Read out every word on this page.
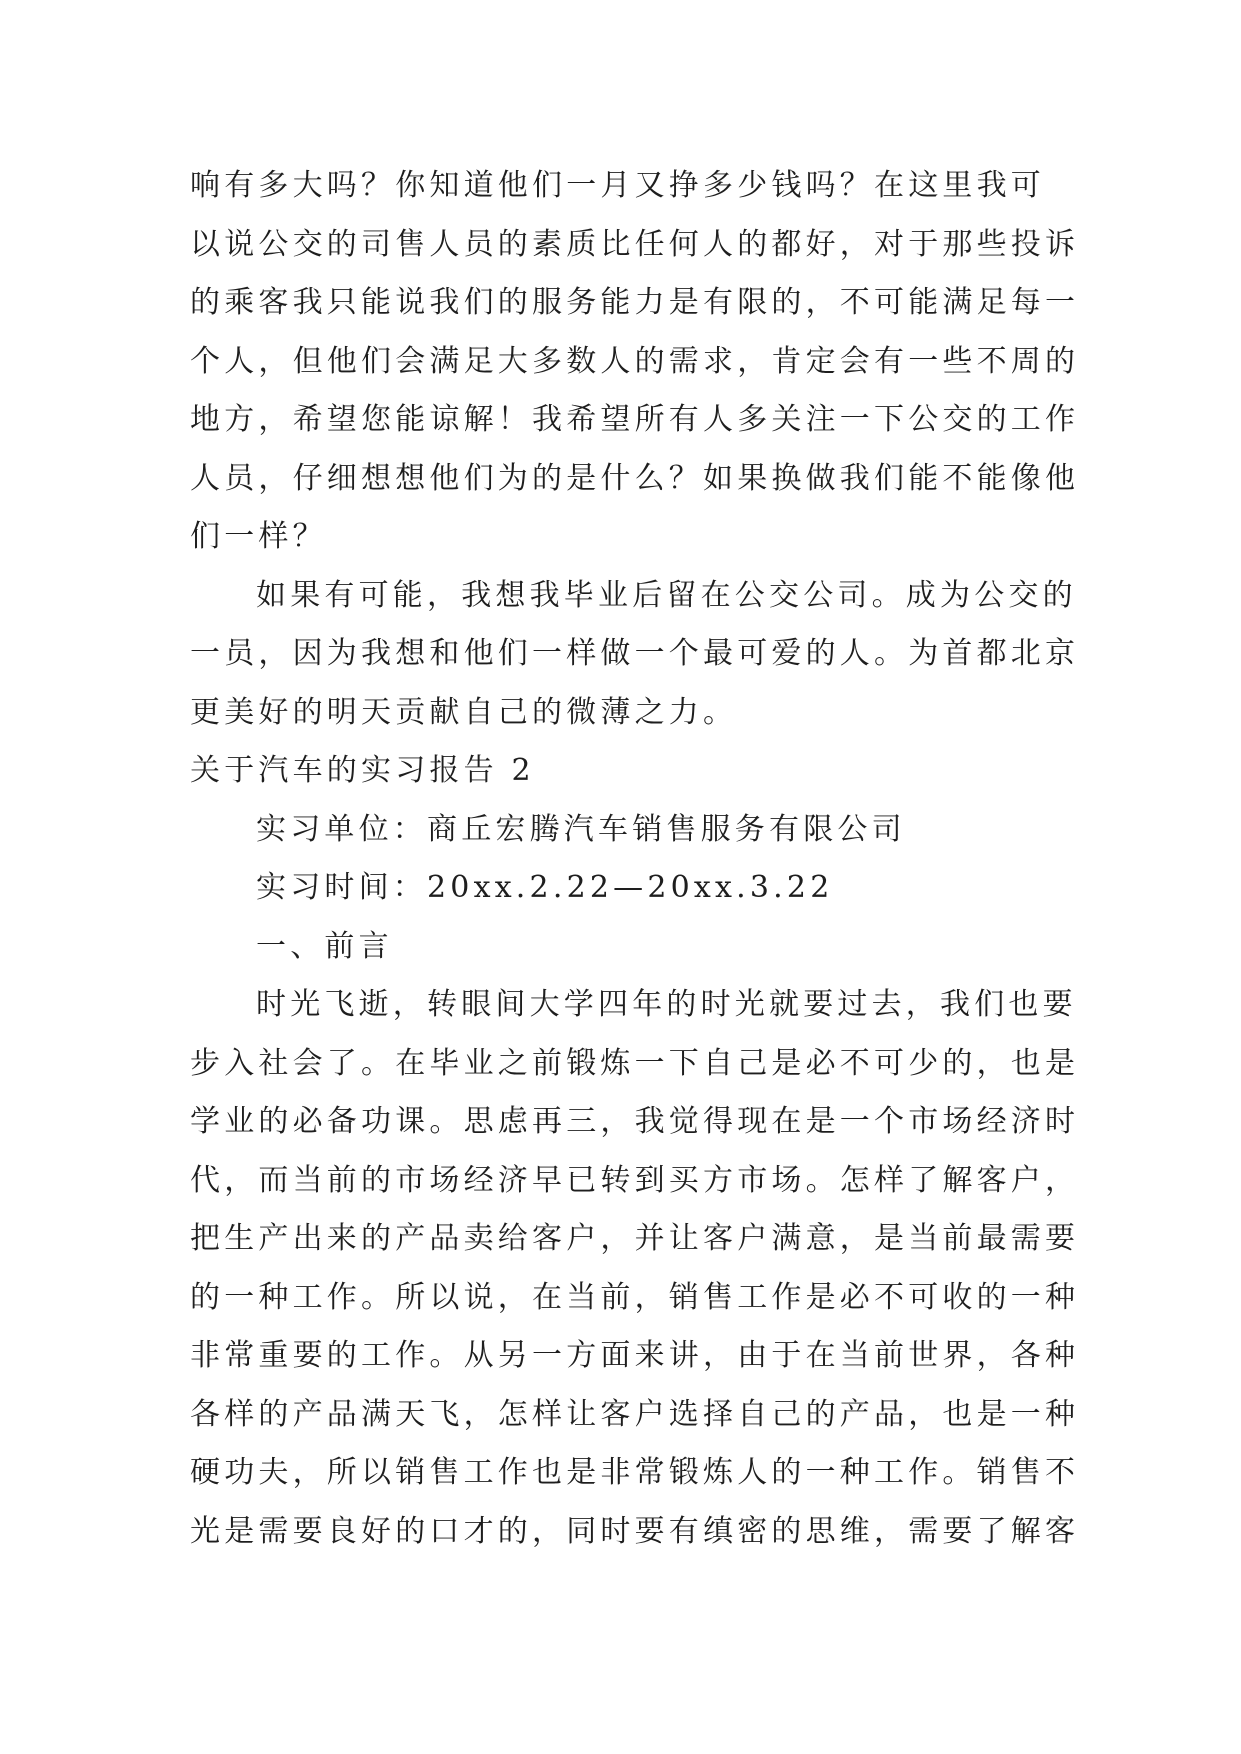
响有多大吗？你知道他们一月又挣多少钱吗？在这里我可
以说公交的司售人员的素质比任何人的都好，对于那些投诉
的乘客我只能说我们的服务能力是有限的，不可能满足每一
个人，但他们会满足大多数人的需求，肯定会有一些不周的
地方，希望您能谅解！我希望所有人多关注一下公交的工作
人员，仔细想想他们为的是什么？如果换做我们能不能像他
们一样？
如果有可能，我想我毕业后留在公交公司。成为公交的
一员，因为我想和他们一样做一个最可爱的人。为首都北京
更美好的明天贡献自己的微薄之力。
关于汽车的实习报告 2
实习单位：商丘宏腾汽车销售服务有限公司
实习时间：20xx.2.22—20xx.3.22
一、前言
时光飞逝，转眼间大学四年的时光就要过去，我们也要
步入社会了。在毕业之前锻炼一下自己是必不可少的，也是
学业的必备功课。思虑再三，我觉得现在是一个市场经济时
代，而当前的市场经济早已转到买方市场。怎样了解客户，
把生产出来的产品卖给客户，并让客户满意，是当前最需要
的一种工作。所以说，在当前，销售工作是必不可收的一种
非常重要的工作。从另一方面来讲，由于在当前世界，各种
各样的产品满天飞，怎样让客户选择自己的产品，也是一种
硬功夫，所以销售工作也是非常锻炼人的一种工作。销售不
光是需要良好的口才的，同时要有缜密的思维，需要了解客
